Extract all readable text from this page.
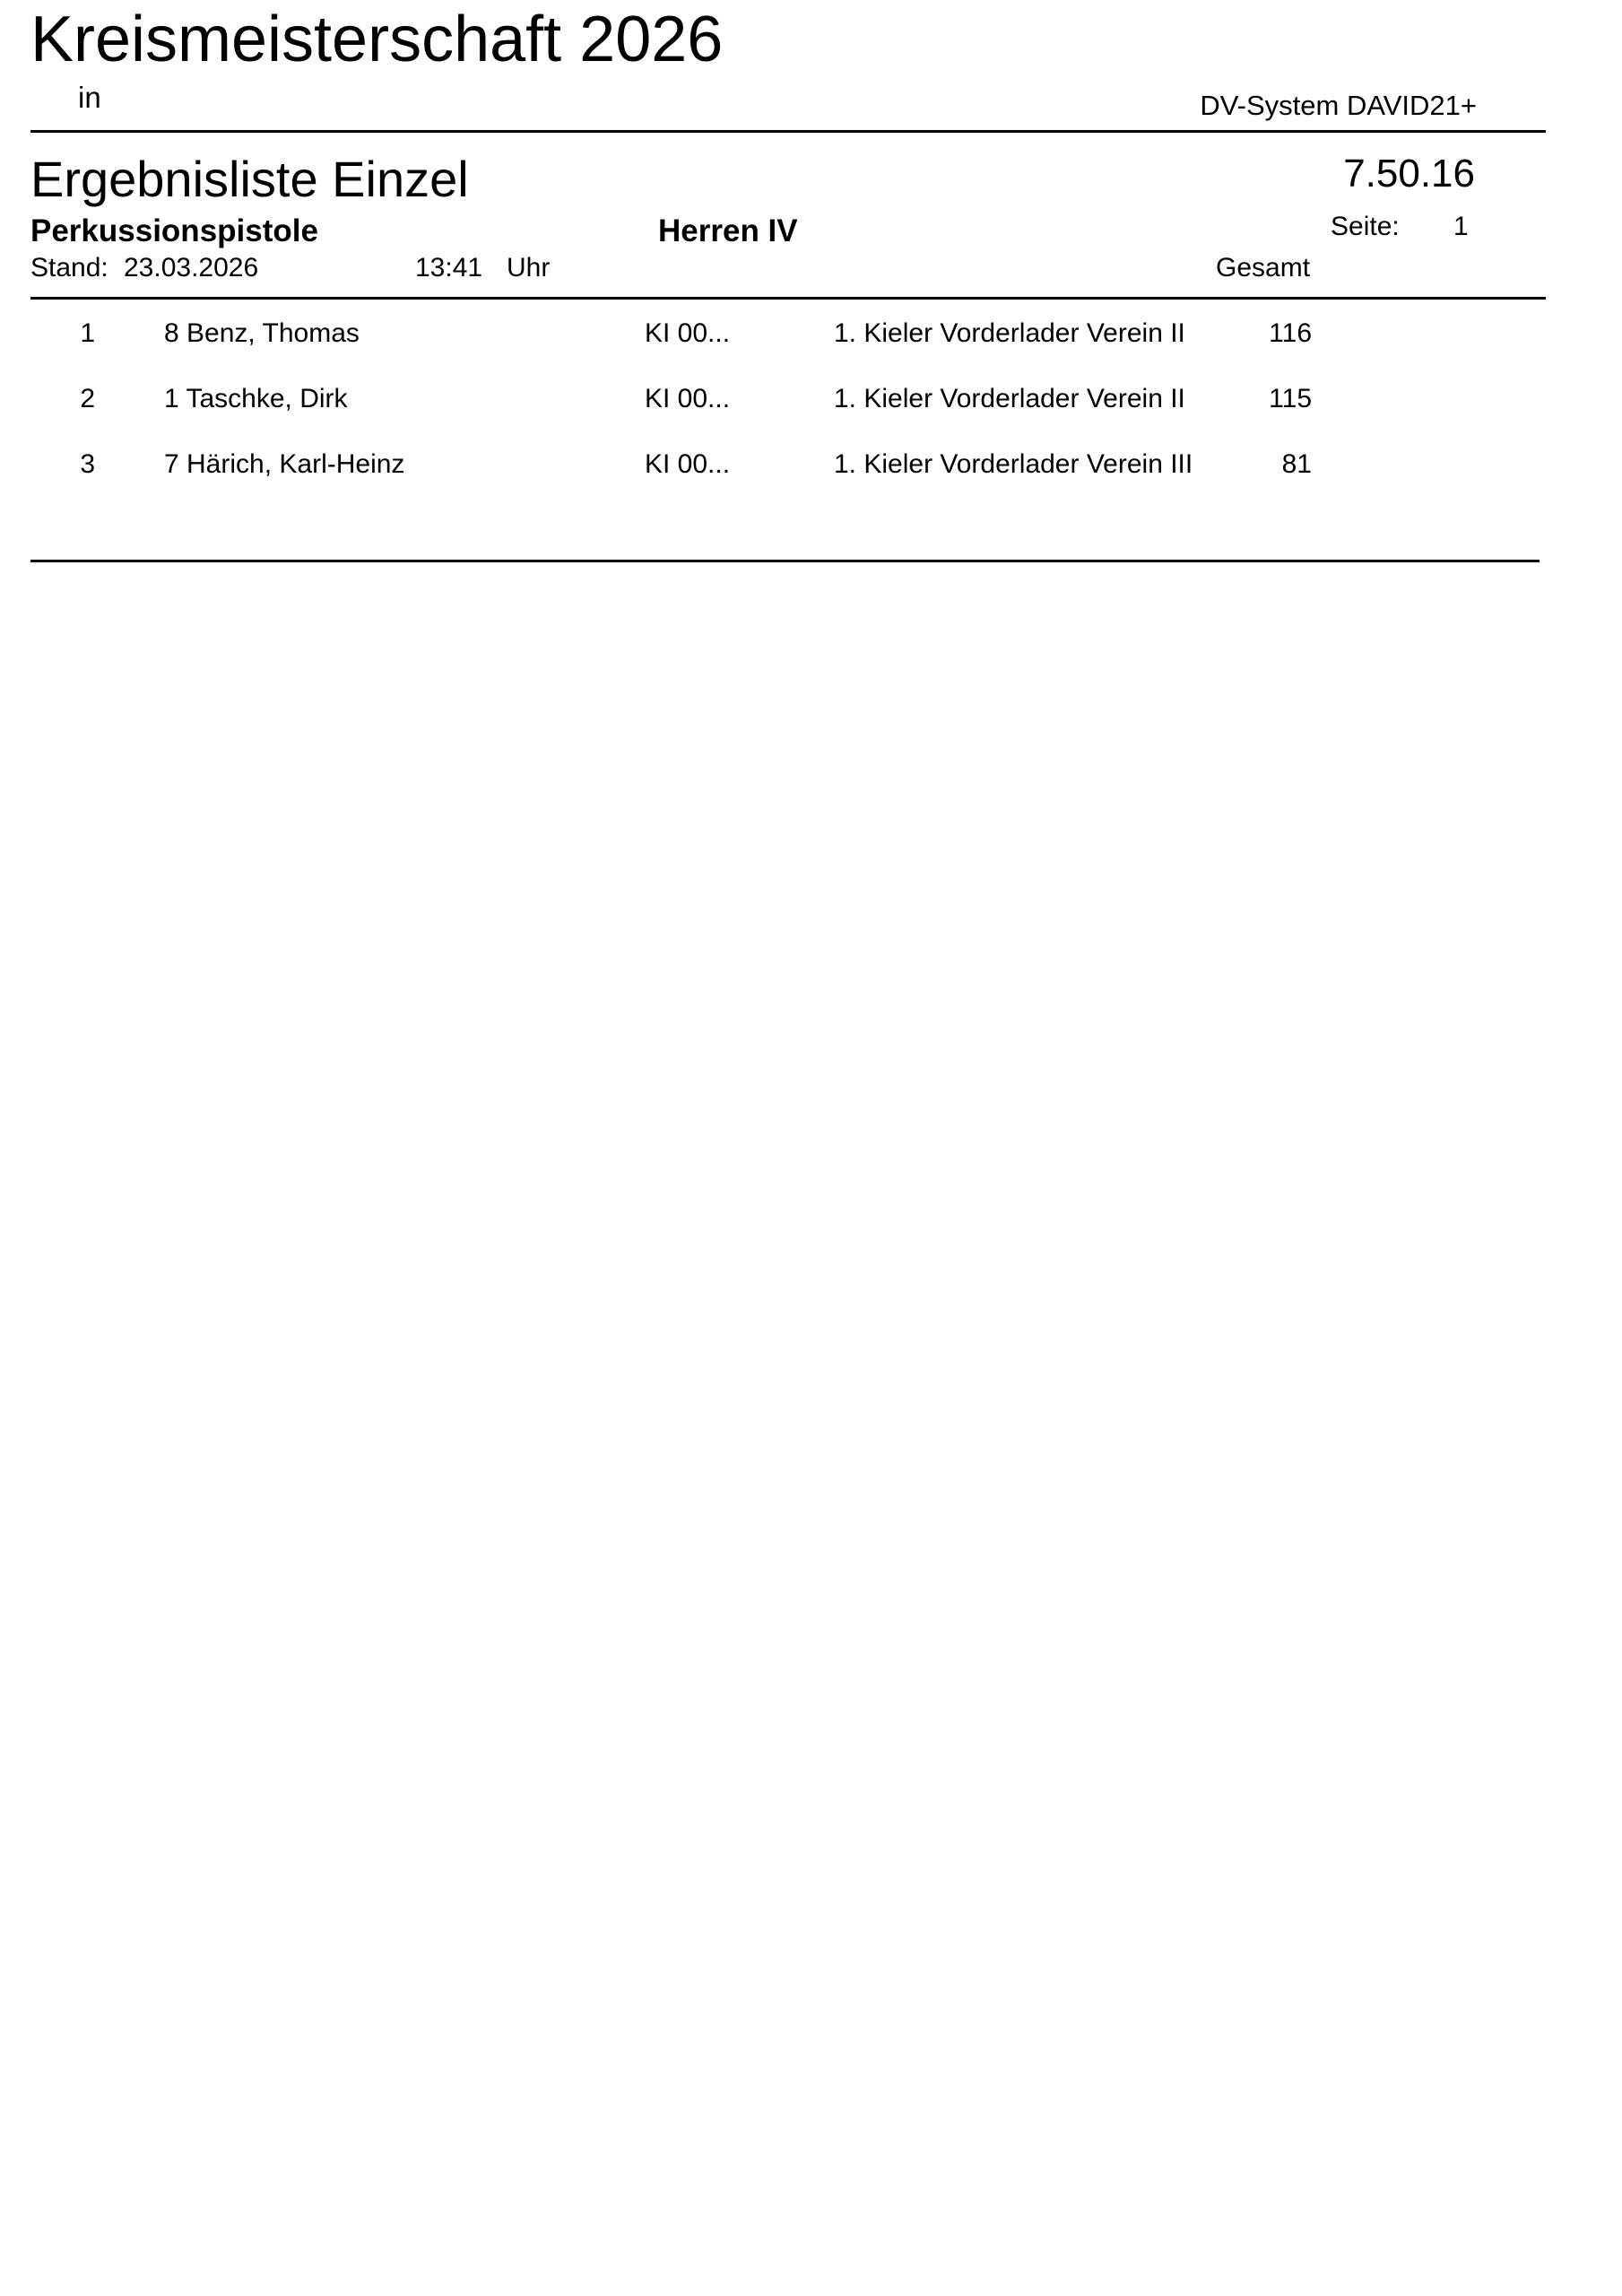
Kreismeisterschaft 2026
in	DV-System DAVID21+
Ergebnisliste Einzel	7.50.16
Perkussionspistole	Herren IV	Seite: 1
Stand: 23.03.2026	13:41 Uhr	Gesamt
1	8 Benz, Thomas	KI 00...	1. Kieler Vorderlader Verein II	116
2	1 Taschke, Dirk	KI 00...	1. Kieler Vorderlader Verein II	115
3	7 Härich, Karl-Heinz	KI 00...	1. Kieler Vorderlader Verein III	81
